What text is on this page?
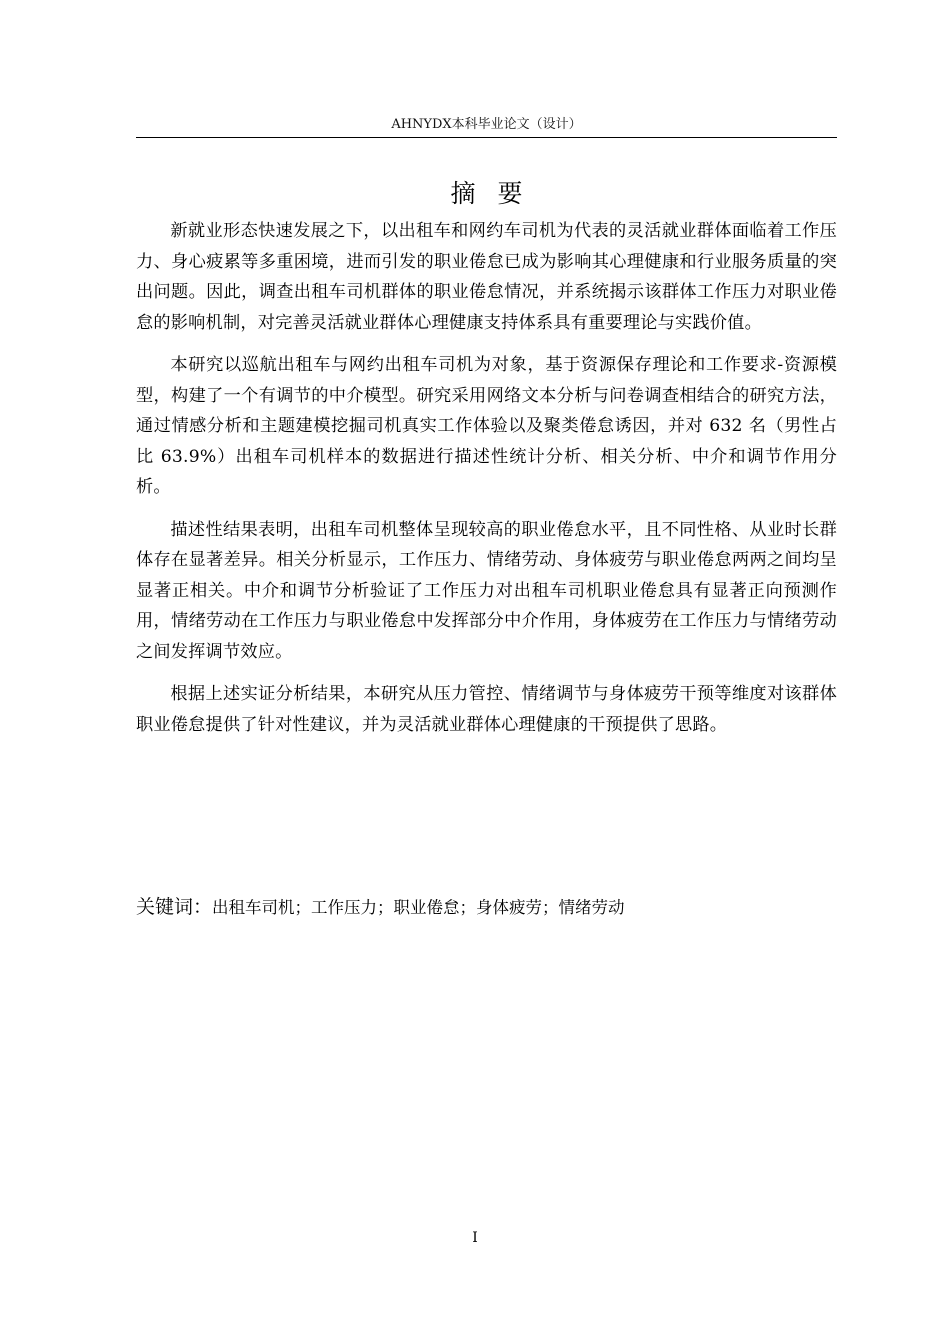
AHNYDX本科毕业论文（设计）
摘要

新就业形态快速发展之下，以出租车和网约车司机为代表的灵活就业群体面临着工作压力、身心疲累等多重困境，进而引发的职业倦怠已成为影响其心理健康和行业服务质量的突出问题。因此，调查出租车司机群体的职业倦怠情况，并系统揭示该群体工作压力对职业倦怠的影响机制，对完善灵活就业群体心理健康支持体系具有重要理论与实践价值。

本研究以巡航出租车与网约出租车司机为对象，基于资源保存理论和工作要求-资源模型，构建了一个有调节的中介模型。研究采用网络文本分析与问卷调查相结合的研究方法，通过情感分析和主题建模挖掘司机真实工作体验以及聚类倦怠诱因，并对 632 名（男性占比 63.9%）出租车司机样本的数据进行描述性统计分析、相关分析、中介和调节作用分析。

描述性结果表明，出租车司机整体呈现较高的职业倦怠水平，且不同性格、从业时长群体存在显著差异。相关分析显示，工作压力、情绪劳动、身体疲劳与职业倦怠两两之间均呈显著正相关。中介和调节分析验证了工作压力对出租车司机职业倦怠具有显著正向预测作用，情绪劳动在工作压力与职业倦怠中发挥部分中介作用，身体疲劳在工作压力与情绪劳动之间发挥调节效应。

根据上述实证分析结果，本研究从压力管控、情绪调节与身体疲劳干预等维度对该群体职业倦怠提供了针对性建议，并为灵活就业群体心理健康的干预提供了思路。

关键词：出租车司机；工作压力；职业倦怠；身体疲劳；情绪劳动
I
